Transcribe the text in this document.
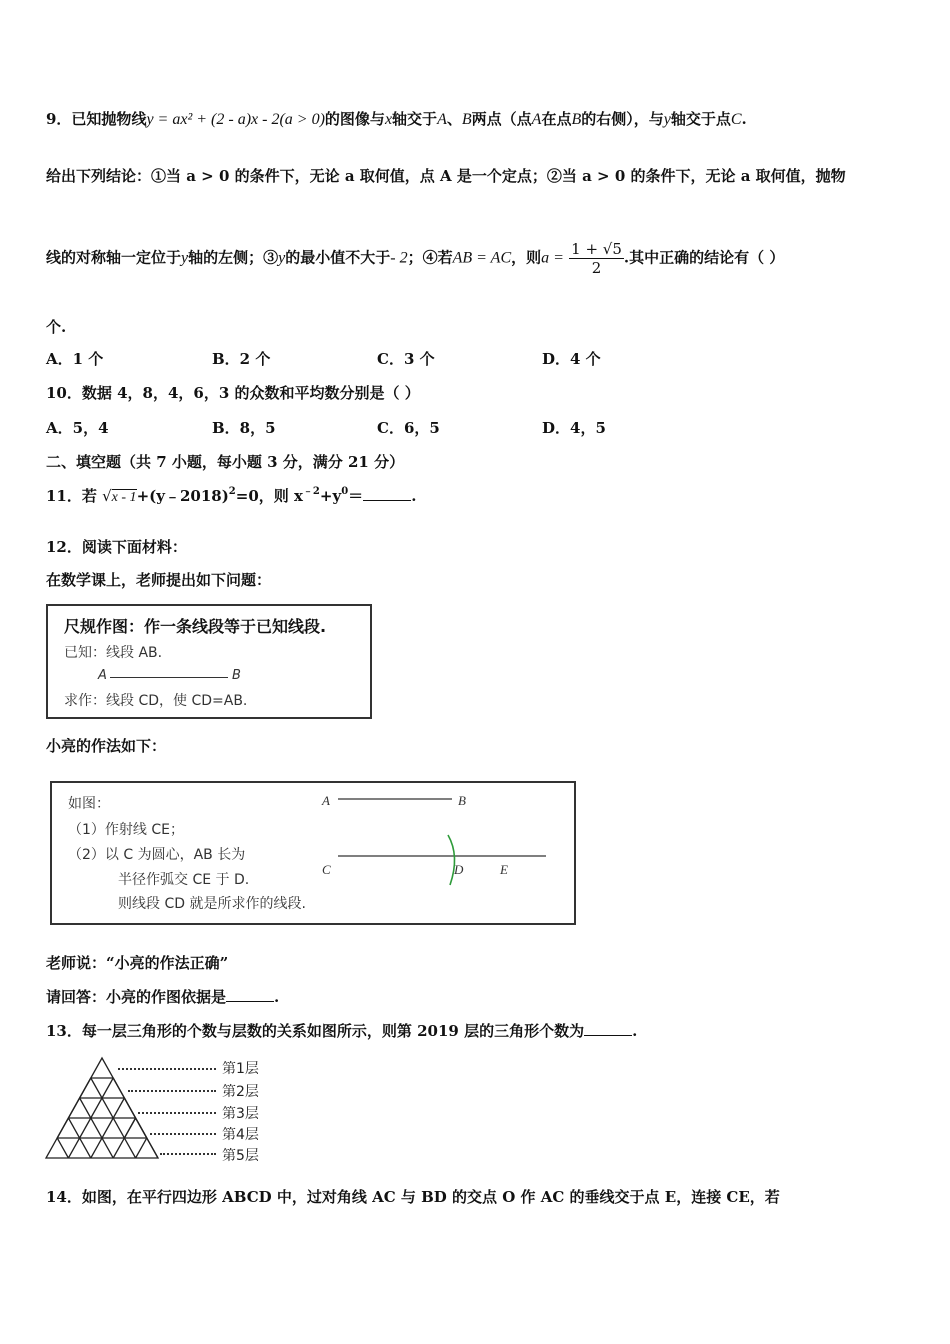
9．已知抛物线y = ax² + (2 - a)x - 2(a > 0)的图像与x轴交于A、B两点（点A在点B的右侧），与y轴交于点C.
给出下列结论：①当 a > 0 的条件下，无论 a 取何值，点 A 是一个定点；②当 a > 0 的条件下，无论 a 取何值，抛物
线的对称轴一定位于y轴的左侧；③y的最小值不大于- 2；④若AB = AC，则$a = \frac{1 + √5}{2}$ .其中正确的结论有（ ）
个.
A．1 个	B．2 个	C．3 个	D．4 个
10．数据 4，8，4，6，3 的众数和平均数分别是（ ）
A．5，4	B．8，5	C．6，5	D．4，5
二、填空题（共 7 小题，每小题 3 分，满分 21 分）
11．若 √x - 1+(y﹣2018)$^2$=0，则 $x^{﹣2}+y^0=$	.
12．阅读下面材料：
在数学课上，老师提出如下问题：
尺规作图：作一条线段等于已知线段.
已知：线段 AB.
A	B
求作：线段 CD，使 CD=AB.
小亮的作法如下：
如图：
（1）作射线 CE；
（2）以 C 为圆心，AB 长为
半径作弧交 CE 于 D.
则线段 CD 就是所求作的线段.
A	B
C	D	E
老师说：“小亮的作法正确”
请回答：小亮的作图依据是	.
13．每一层三角形的个数与层数的关系如图所示，则第 2019 层的三角形个数为	.
第1层
第2层
第3层
第4层
第5层
14．如图，在平行四边形 ABCD 中，过对角线 AC 与 BD 的交点 O 作 AC 的垂线交于点 E，连接 CE，若
